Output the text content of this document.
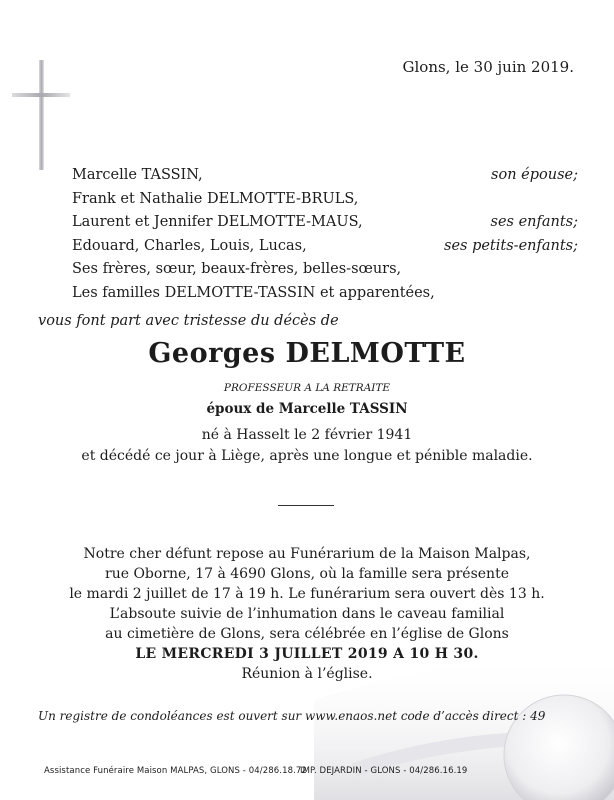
Glons, le 30 juin 2019.
Marcelle TASSIN,	son épouse;
Frank et Nathalie DELMOTTE-BRULS,
Laurent et Jennifer DELMOTTE-MAUS,	ses enfants;
Edouard, Charles, Louis, Lucas,	ses petits-enfants;
Ses frères, sœur, beaux-frères, belles-sœurs,
Les familles DELMOTTE-TASSIN et apparentées,
vous font part avec tristesse du décès de
Georges DELMOTTE
PROFESSEUR A LA RETRAITE
époux de Marcelle TASSIN
né à Hasselt le 2 février 1941
et décédé ce jour à Liège, après une longue et pénible maladie.
Notre cher défunt repose au Funérarium de la Maison Malpas,
rue Oborne, 17 à 4690 Glons, où la famille sera présente
le mardi 2 juillet de 17 à 19 h. Le funérarium sera ouvert dès 13 h.
L’absoute suivie de l’inhumation dans le caveau familial
au cimetière de Glons, sera célébrée en l’église de Glons
LE MERCREDI 3 JUILLET 2019 A 10 H 30.
Réunion à l’église.
Un registre de condoléances est ouvert sur www.enaos.net code d’accès direct : 49
Assistance Funéraire Maison MALPAS, GLONS - 04/286.18.72
IMP. DEJARDIN - GLONS - 04/286.16.19
